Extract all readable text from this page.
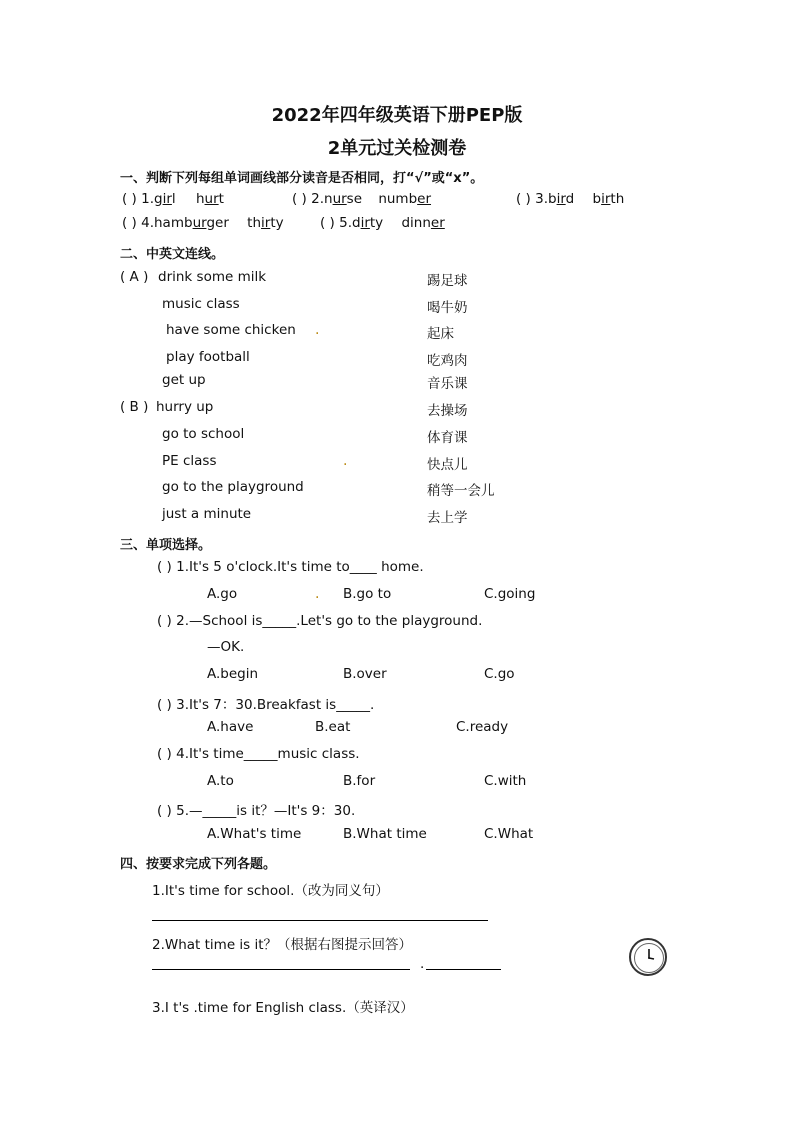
2022年四年级英语下册PEP版
2单元过关检测卷
一、判断下列每组单词画线部分读音是否相同，打“√”或“x”。
( ) 1.girl hurt	( ) 2.nurse number	( ) 3.bird birth
( ) 4.hamburger thirty	( ) 5.dirty dinner
二、中英文连线。
( A ) drink some milk
music class
have some chicken .
play football
get up
踢足球
喝牛奶
起床
吃鸡肉
音乐课
( B ) hurry up
go to school
PE class	.
go to the playground
just a minute
去操场
体育课
快点儿
稍等一会儿
去上学
三、单项选择。
( ) 1.It's 5 o'clock.It's time to____ home.
A.go	. B.go to	C.going
( ) 2.—School is_____.Let's go to the playground.
—OK.
A.begin	B.over	C.go
( ) 3.It's 7：30.Breakfast is_____.
A.have	B.eat	C.ready
( ) 4.It's time_____music class.
A.to	B.for	C.with
( ) 5.—_____is it？—It's 9：30.
A.What's time	B.What time	C.What
四、按要求完成下列各题。
1.It's time for school.（改为同义句）
2.What time is it？（根据右图提示回答）
.
3.I t's .time for English class.（英译汉）
